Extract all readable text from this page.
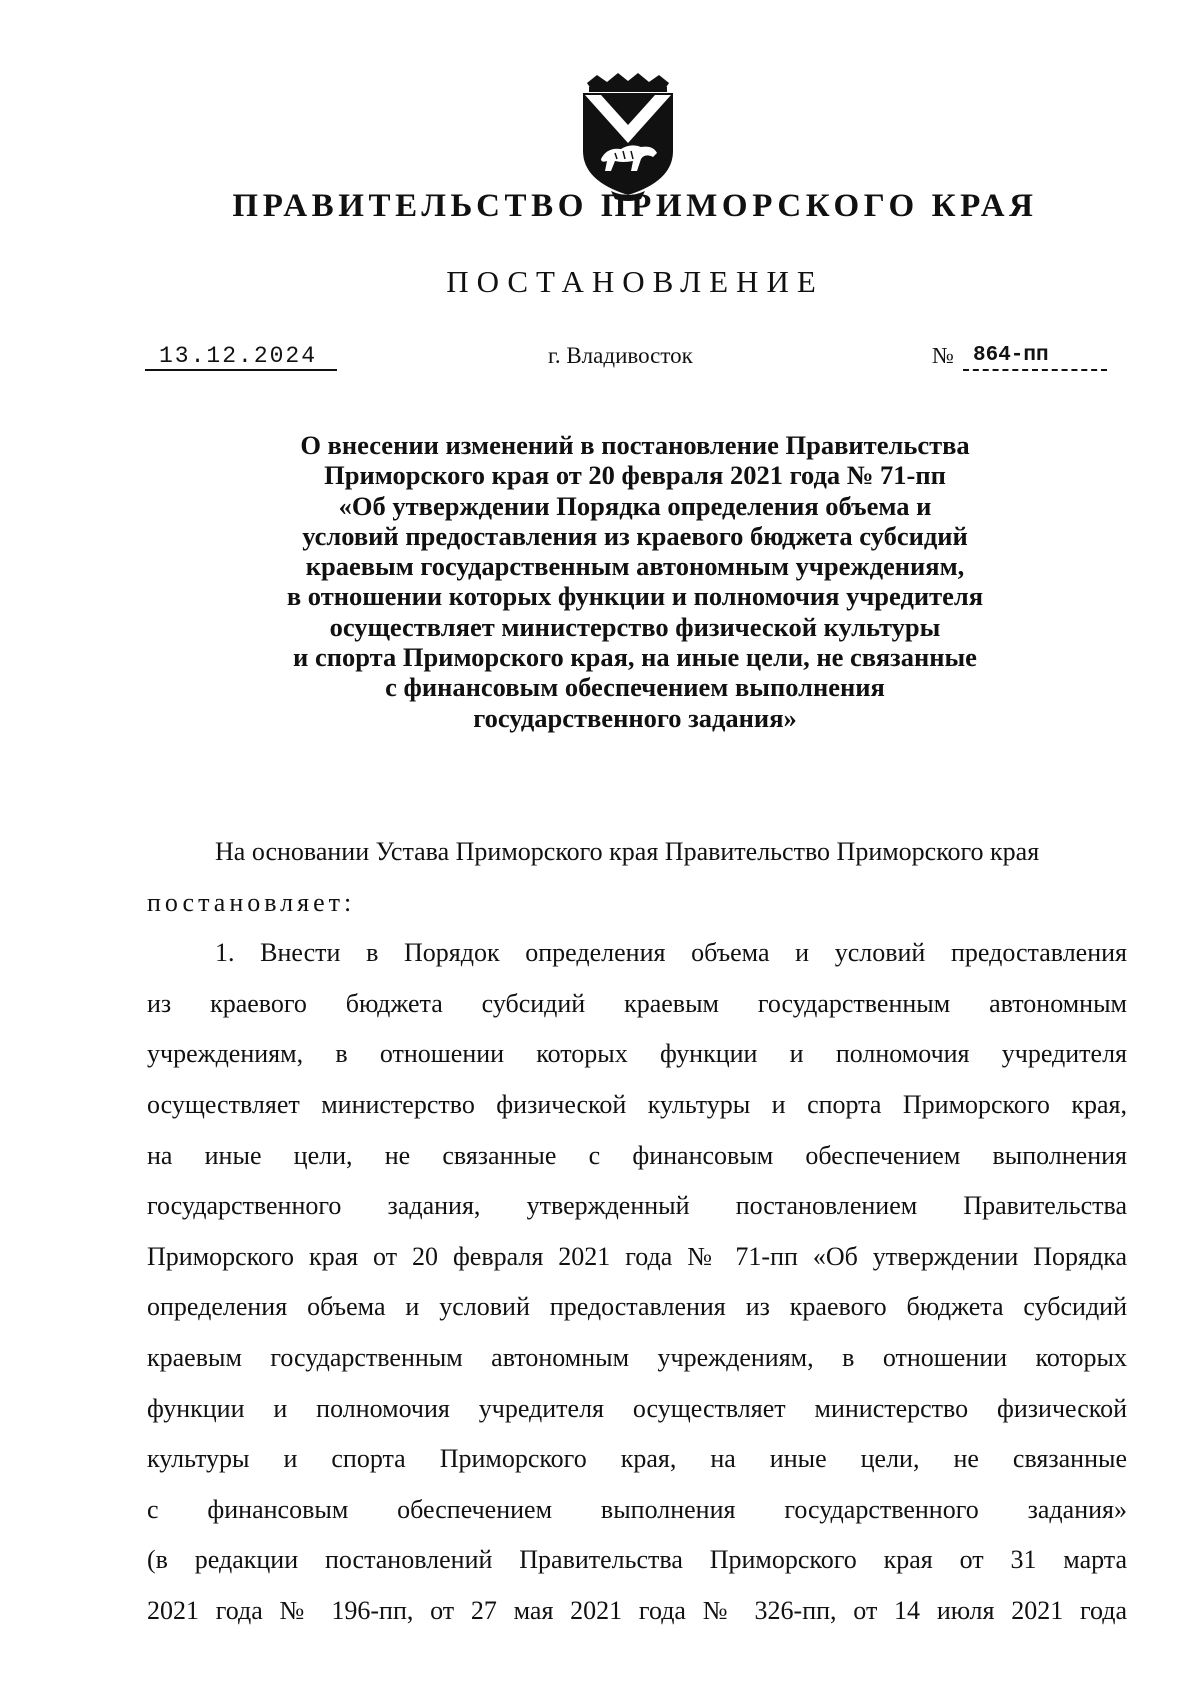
ПРАВИТЕЛЬСТВО ПРИМОРСКОГО КРАЯ
ПОСТАНОВЛЕНИЕ
13.12.2024	г. Владивосток	№ 864-пп
О внесении изменений в постановление Правительства
Приморского края от 20 февраля 2021 года № 71-пп
«Об утверждении Порядка определения объема и
условий предоставления из краевого бюджета субсидий
краевым государственным автономным учреждениям,
в отношении которых функции и полномочия учредителя
осуществляет министерство физической культуры
и спорта Приморского края, на иные цели, не связанные
с финансовым обеспечением выполнения
государственного задания»
На основании Устава Приморского края Правительство Приморского края
постановляет:
1. Внести в Порядок определения объема и условий предоставления
из краевого бюджета субсидий краевым государственным автономным
учреждениям, в отношении которых функции и полномочия учредителя
осуществляет министерство физической культуры и спорта Приморского края,
на иные цели, не связанные с финансовым обеспечением выполнения
государственного задания, утвержденный постановлением Правительства
Приморского края от 20 февраля 2021 года № 71-пп «Об утверждении Порядка
определения объема и условий предоставления из краевого бюджета субсидий
краевым государственным автономным учреждениям, в отношении которых
функции и полномочия учредителя осуществляет министерство физической
культуры и спорта Приморского края, на иные цели, не связанные
с финансовым обеспечением выполнения государственного задания»
(в редакции постановлений Правительства Приморского края от 31 марта
2021 года № 196-пп, от 27 мая 2021 года № 326-пп, от 14 июля 2021 года
